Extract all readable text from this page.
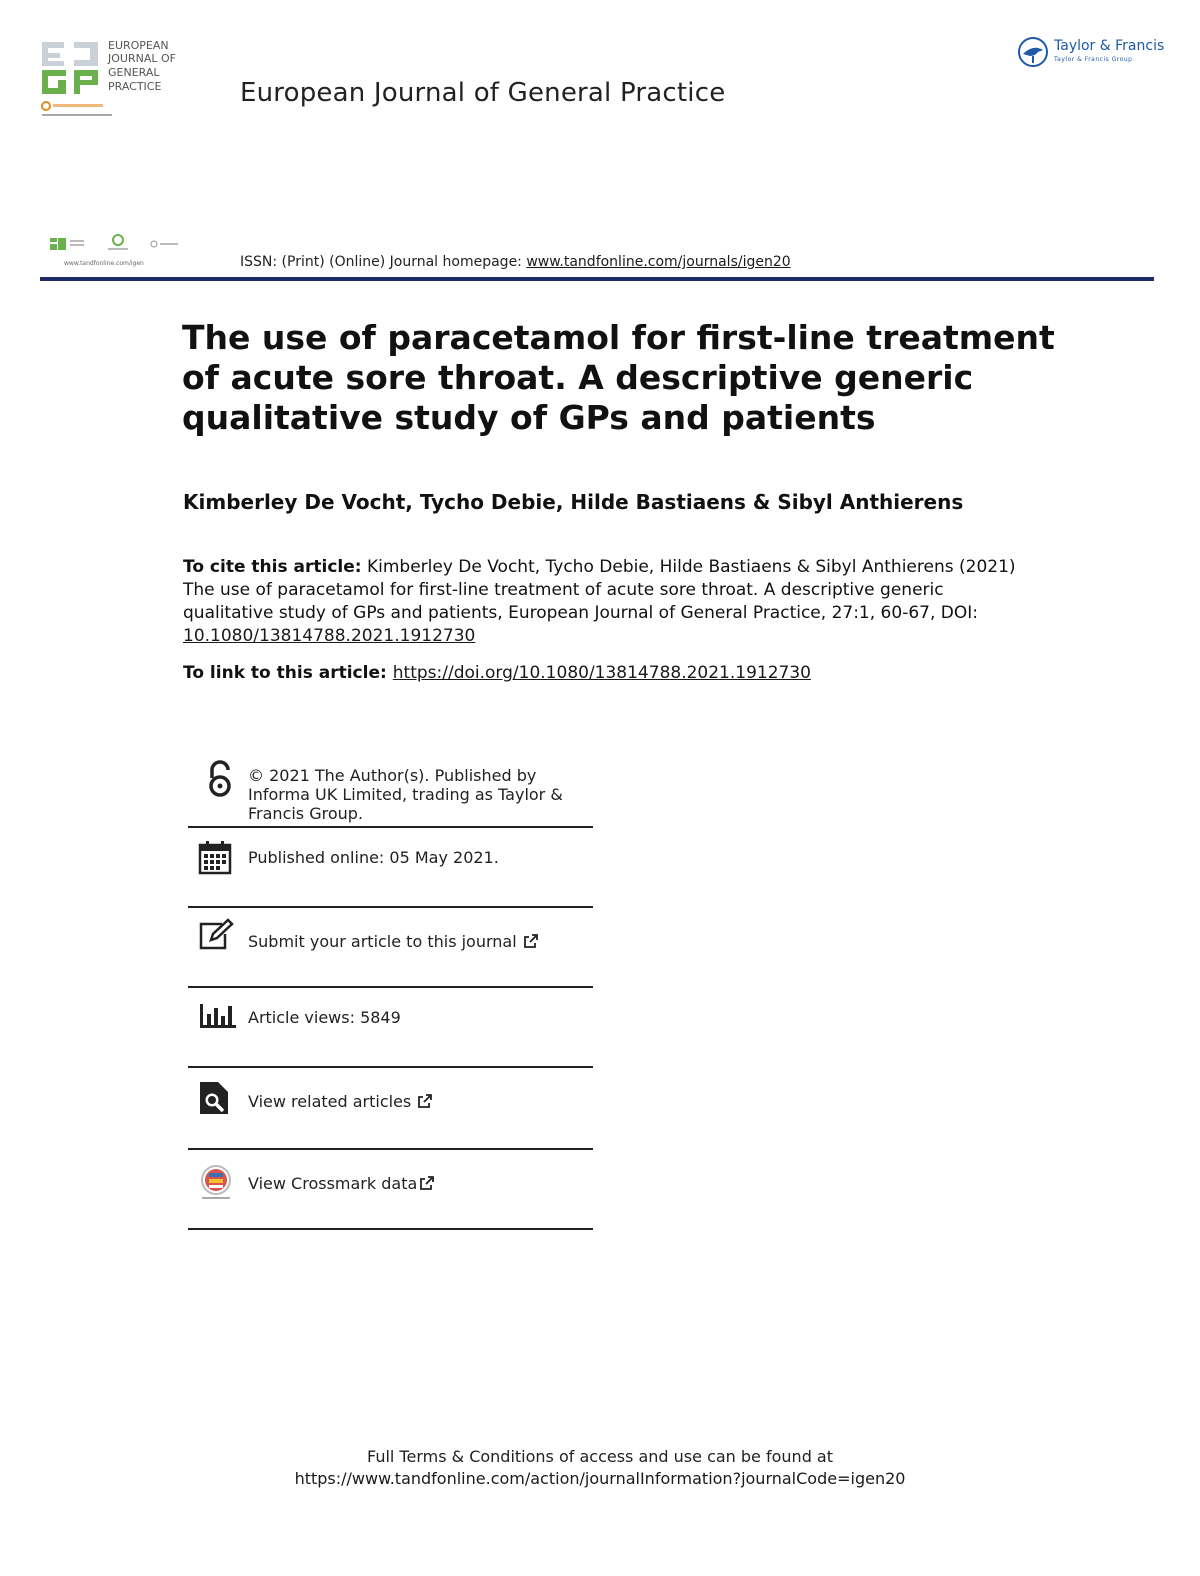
EUROPEAN
JOURNAL OF
GENERAL
PRACTICE	European Journal of General Practice
Taylor & Francis
Taylor & Francis Group
www.tandfonline.com/igen	ISSN: (Print) (Online) Journal homepage: www.tandfonline.com/journals/igen20
The use of paracetamol for first-line treatment of acute sore throat. A descriptive generic qualitative study of GPs and patients
Kimberley De Vocht, Tycho Debie, Hilde Bastiaens & Sibyl Anthierens
To cite this article: Kimberley De Vocht, Tycho Debie, Hilde Bastiaens & Sibyl Anthierens (2021) The use of paracetamol for first-line treatment of acute sore throat. A descriptive generic qualitative study of GPs and patients, European Journal of General Practice, 27:1, 60-67, DOI: 10.1080/13814788.2021.1912730
To link to this article: https://doi.org/10.1080/13814788.2021.1912730
© 2021 The Author(s). Published by Informa UK Limited, trading as Taylor & Francis Group.
Published online: 05 May 2021.
Submit your article to this journal
Article views: 5849
View related articles
View Crossmark data
Full Terms & Conditions of access and use can be found at
https://www.tandfonline.com/action/journalInformation?journalCode=igen20
